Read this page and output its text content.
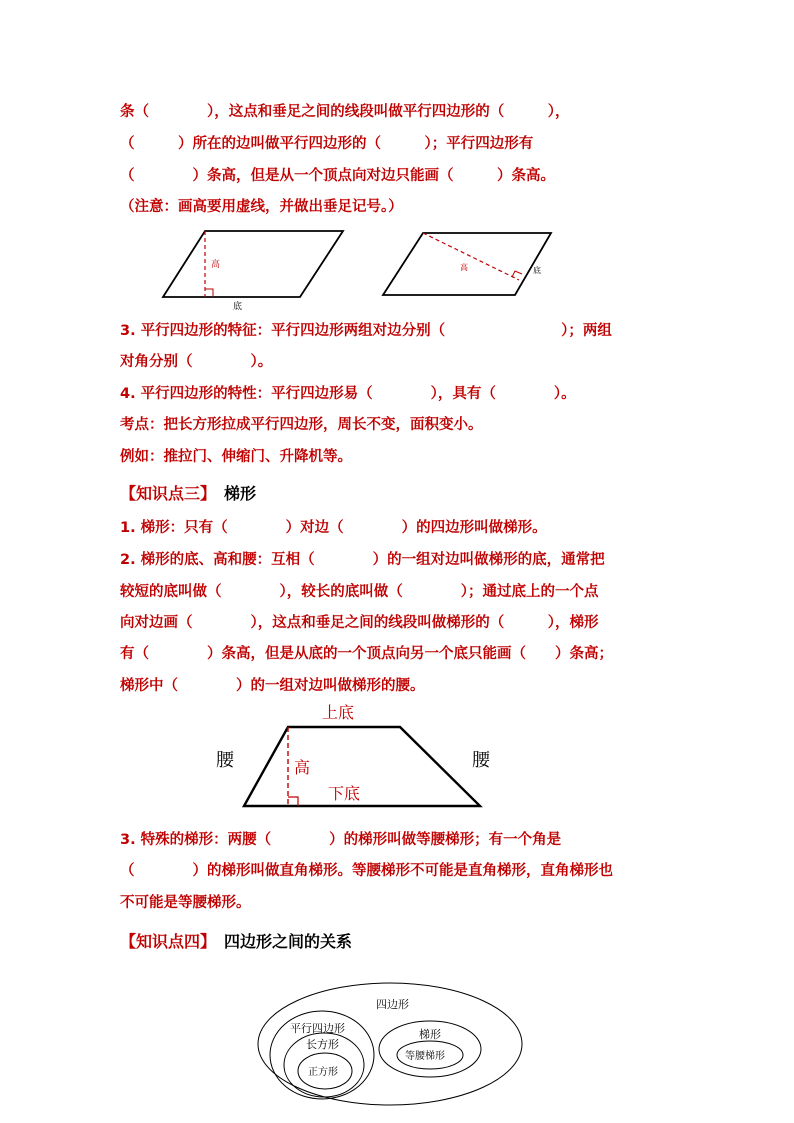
条（　　　　），这点和垂足之间的线段叫做平行四边形的（　　　），
（　　　）所在的边叫做平行四边形的（　　　）；平行四边形有
（　　　　）条高，但是从一个顶点向对边只能画（　　　）条高。
（注意：画高要用虚线，并做出垂足记号。）
高
底
高	底
3. 平行四边形的特征：平行四边形两组对边分别（　　　　　　　　）；两组
对角分别（　　　　）。
4. 平行四边形的特性：平行四边形易（　　　　），具有（　　　　）。
考点：把长方形拉成平行四边形，周长不变，面积变小。
例如：推拉门、伸缩门、升降机等。
【知识点三】 梯形
1. 梯形：只有（　　　　）对边（　　　　）的四边形叫做梯形。
2. 梯形的底、高和腰：互相（　　　　）的一组对边叫做梯形的底，通常把
较短的底叫做（　　　　），较长的底叫做（　　　　）；通过底上的一个点
向对边画（　　　　），这点和垂足之间的线段叫做梯形的（　　　），梯形
有（　　　　）条高，但是从底的一个顶点向另一个底只能画（　　）条高；
梯形中（　　　　）的一组对边叫做梯形的腰。
上底
下底
高
腰	腰
3. 特殊的梯形：两腰（　　　　）的梯形叫做等腰梯形；有一个角是
（　　　　）的梯形叫做直角梯形。等腰梯形不可能是直角梯形，直角梯形也
不可能是等腰梯形。
【知识点四】 四边形之间的关系
四边形
平行四边形
长方形
正方形
梯形
等腰梯形
